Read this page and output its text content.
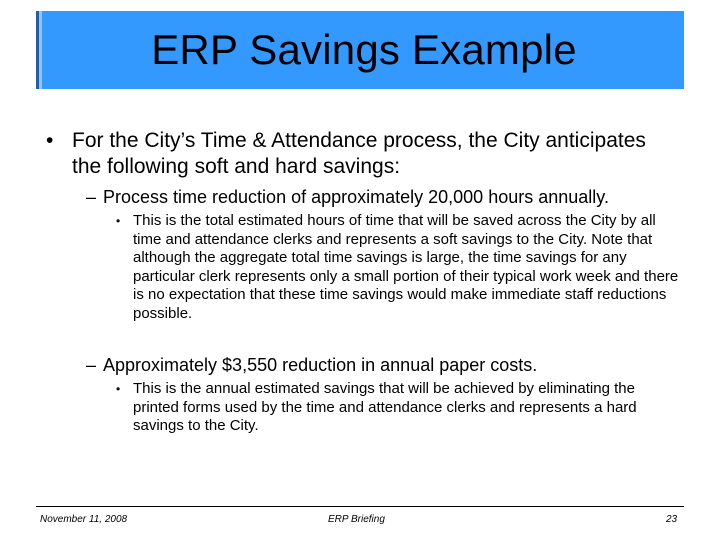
ERP Savings Example
• For the City’s Time & Attendance process, the City anticipates the following soft and hard savings:
– Process time reduction of approximately 20,000 hours annually.
• This is the total estimated hours of time that will be saved across the City by all time and attendance clerks and represents a soft savings to the City. Note that although the aggregate total time savings is large, the time savings for any particular clerk represents only a small portion of their typical work week and there is no expectation that these time savings would make immediate staff reductions possible.
– Approximately $3,550 reduction in annual paper costs.
• This is the annual estimated savings that will be achieved by eliminating the printed forms used by the time and attendance clerks and represents a hard savings to the City.
November 11, 2008	ERP Briefing	23
